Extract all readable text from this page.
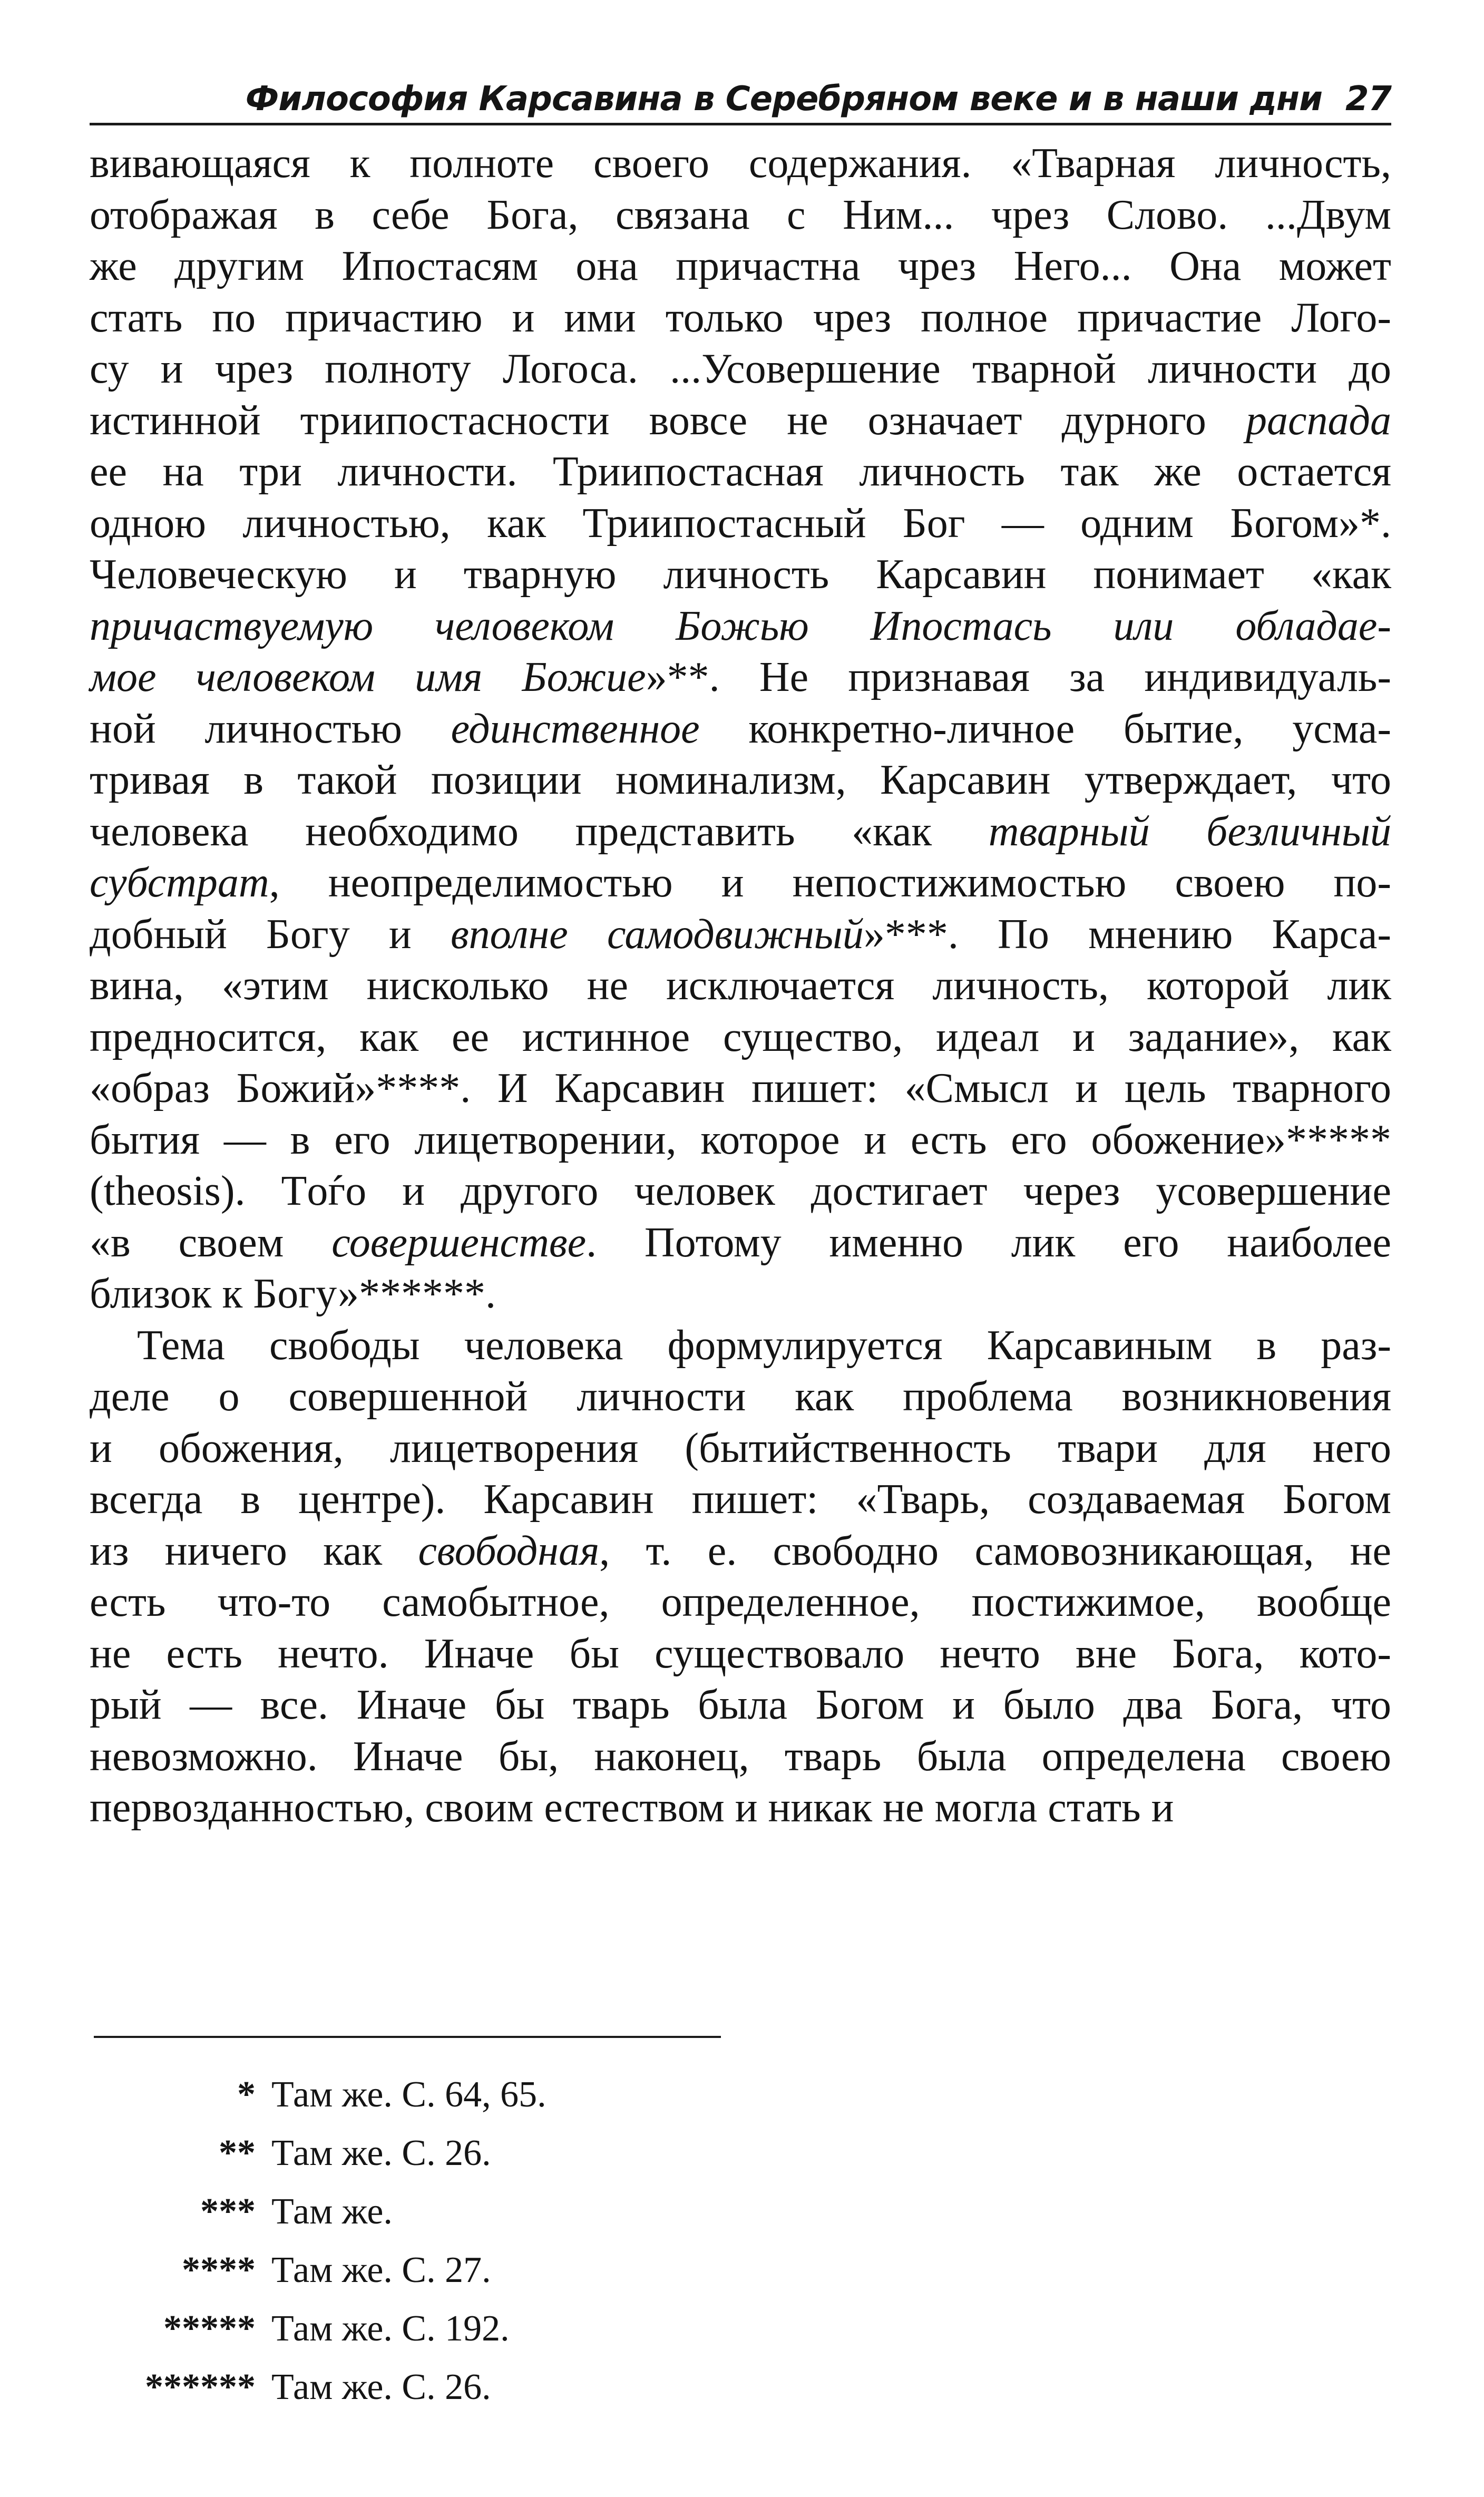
Философия Карсавина в Серебряном веке и в наши дни 27
вивающаяся к полноте своего содержания. «Тварная личность,
отображая в себе Бога, связана с Ним... чрез Слово. ...Двум
же другим Ипостасям она причастна чрез Него... Она может
стать по причастию и ими только чрез полное причастие Лого-
су и чрез полноту Логоса. ...Усовершение тварной личности до
истинной триипостасности вовсе не означает дурного распада
ее на три личности. Триипостасная личность так же остается
одною личностью, как Триипостасный Бог — одним Богом»*.
Человеческую и тварную личность Карсавин понимает «как
причаствуемую человеком Божью Ипостась или обладае-
мое человеком имя Божие»**. Не признавая за индивидуаль-
ной личностью единственное конкретно-личное бытие, усма-
тривая в такой позиции номинализм, Карсавин утверждает, что
человека необходимо представить «как тварный безличный
субстрат, неопределимостью и непостижимостью своею по-
добный Богу и вполне самодвижный»***. По мнению Карса-
вина, «этим нисколько не исключается личность, которой лик
предносится, как ее истинное существо, идеал и задание», как
«образ Божий»****. И Карсавин пишет: «Смысл и цель тварного
бытия — в его лицетворении, которое и есть его обожение»*****
(theosis). Тoѓо и другого человек достигает через усовершение
«в своем совершенстве. Потому именно лик его наиболее
близок к Богу»******.
Тема свободы человека формулируется Карсавиным в раз-
деле о совершенной личности как проблема возникновения
и обожения, лицетворения (бытийственность твари для него
всегда в центре). Карсавин пишет: «Тварь, создаваемая Богом
из ничего как свободная, т. е. свободно самовозникающая, не
есть что-то самобытное, определенное, постижимое, вообще
не есть нечто. Иначе бы существовало нечто вне Бога, кото-
рый — все. Иначе бы тварь была Богом и было два Бога, что
невозможно. Иначе бы, наконец, тварь была определена своею
первозданностью, своим естеством и никак не могла стать и
* Там же. С. 64, 65.
** Там же. С. 26.
*** Там же.
**** Там же. С. 27.
***** Там же. С. 192.
****** Там же. С. 26.
